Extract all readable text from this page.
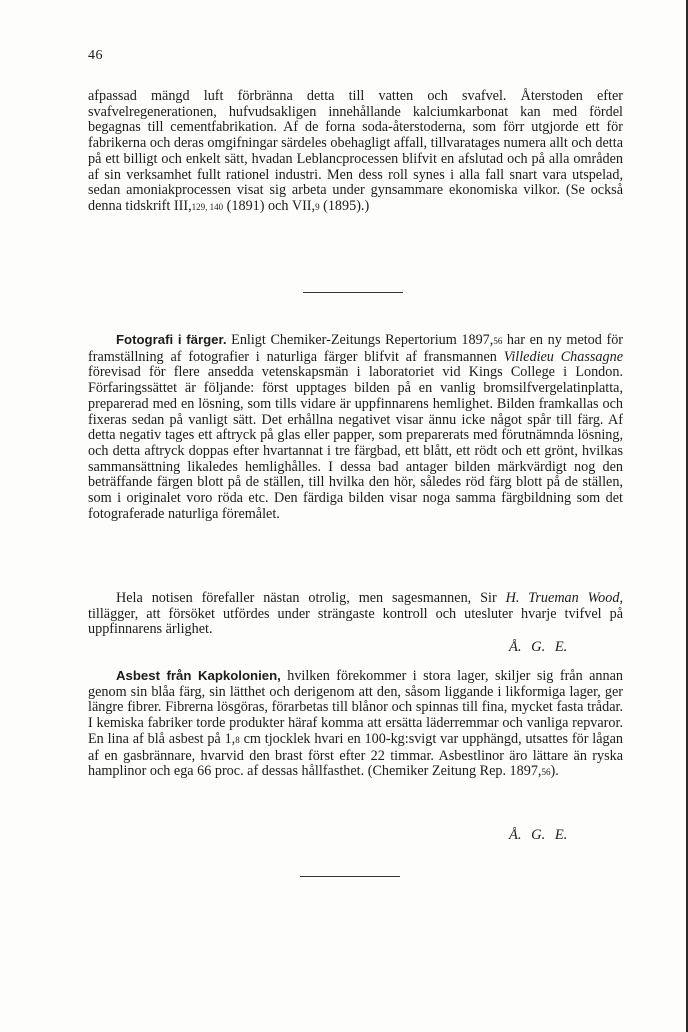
46

afpassad mängd luft förbränna detta till vatten och svafvel. Återstoden efter svafvelregenerationen, hufvudsakligen innehållande kalciumkarbonat kan med fördel begagnas till cementfabrikation. Af de forna soda-återstoderna, som förr utgjorde ett för fabrikerna och deras omgifningar särdeles obehagligt affall, tillvaratages numera allt och detta på ett billigt och enkelt sätt, hvadan Leblancprocessen blifvit en afslutad och på alla områden af sin verksamhet fullt rationel industri. Men dess roll synes i alla fall snart vara utspelad, sedan amoniakprocessen visat sig arbeta under gynsammare ekonomiska vilkor. (Se också denna tidskrift III,129, 140 (1891) och VII,9 (1895).)

Fotografi i färger. Enligt Chemiker-Zeitungs Repertorium 1897,56 har en ny metod för framställning af fotografier i naturliga färger blifvit af fransmannen Villedieu Chassagne förevisad för flere ansedda vetenskapsmän i laboratoriet vid Kings College i London. Förfaringssättet är följande: först upptages bilden på en vanlig bromsilfvergelatinplatta, preparerad med en lösning, som tills vidare är uppfinnarens hemlighet. Bilden framkallas och fixeras sedan på vanligt sätt. Det erhållna negativet visar ännu icke något spår till färg. Af detta negativ tages ett aftryck på glas eller papper, som preparerats med förutnämnda lösning, och detta aftryck doppas efter hvartannat i tre färgbad, ett blått, ett rödt och ett grönt, hvilkas sammansättning likaledes hemlighålles. I dessa bad antager bilden märkvärdigt nog den beträffande färgen blott på de ställen, till hvilka den hör, således röd färg blott på de ställen, som i originalet voro röda etc. Den färdiga bilden visar noga samma färgbildning som det fotograferade naturliga föremålet.

Hela notisen förefaller nästan otrolig, men sagesmannen, Sir H. Trueman Wood, tillägger, att försöket utfördes under strängaste kontroll och utesluter hvarje tvifvel på uppfinnarens ärlighet.

Å. G. E.

Asbest från Kapkolonien, hvilken förekommer i stora lager, skiljer sig från annan genom sin blåa färg, sin lätthet och derigenom att den, såsom liggande i likformiga lager, ger längre fibrer. Fibrerna lösgöras, förarbetas till blånor och spinnas till fina, mycket fasta trådar. I kemiska fabriker torde produkter häraf komma att ersätta läderremmar och vanliga repvaror. En lina af blå asbest på 1,8 cm tjocklek hvari en 100-kg:svigt var upphängd, utsattes för lågan af en gasbrännare, hvarvid den brast först efter 22 timmar. Asbestlinor äro lättare än ryska hamplinor och ega 66 proc. af dessas hållfasthet. (Chemiker Zeitung Rep. 1897,56).

Å. G. E.
